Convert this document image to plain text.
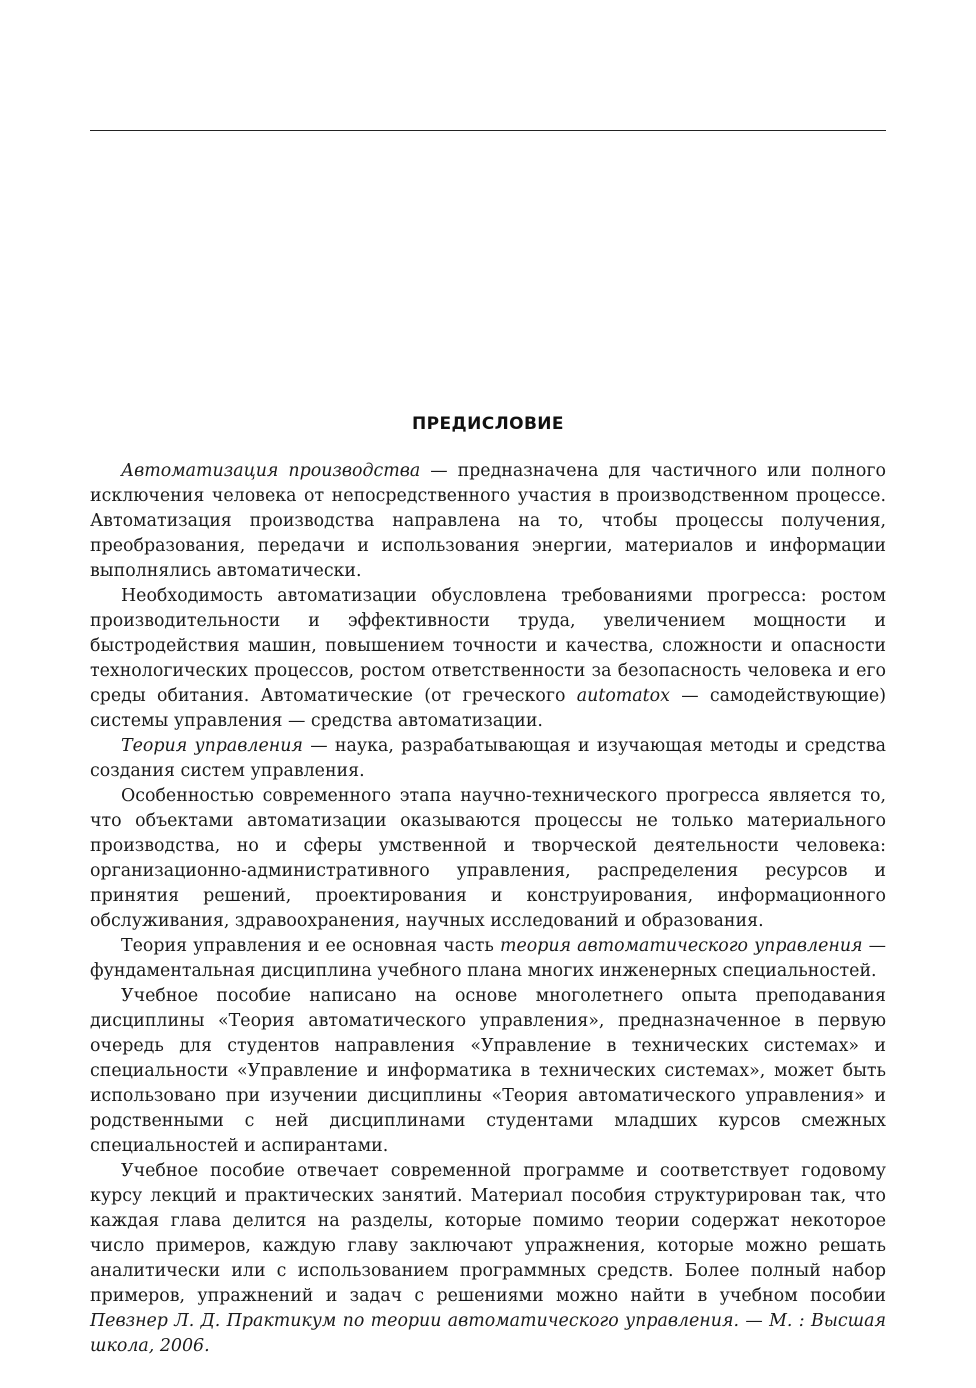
ПРЕДИСЛОВИЕ

Автоматизация производства — предназначена для частичного или полного исключения человека от непосредственного участия в производственном процессе. Автоматизация производства направлена на то, чтобы процессы получения, преобразования, передачи и использования энергии, материалов и информации выполнялись автоматически.

Необходимость автоматизации обусловлена требованиями прогресса: ростом производительности и эффективности труда, увеличением мощности и быстродействия машин, повышением точности и качества, сложности и опасности технологических процессов, ростом ответственности за безопасность человека и его среды обитания. Автоматические (от греческого automatox — самодействующие) системы управления — средства автоматизации.

Теория управления — наука, разрабатывающая и изучающая методы и средства создания систем управления.

Особенностью современного этапа научно-технического прогресса является то, что объектами автоматизации оказываются процессы не только материального производства, но и сферы умственной и творческой деятельности человека: организационно-административного управления, распределения ресурсов и принятия решений, проектирования и конструирования, информационного обслуживания, здравоохранения, научных исследований и образования.

Теория управления и ее основная часть теория автоматического управления — фундаментальная дисциплина учебного плана многих инженерных специальностей.

Учебное пособие написано на основе многолетнего опыта преподавания дисциплины «Теория автоматического управления», предназначенное в первую очередь для студентов направления «Управление в технических системах» и специальности «Управление и информатика в технических системах», может быть использовано при изучении дисциплины «Теория автоматического управления» и родственными с ней дисциплинами студентами младших курсов смежных специальностей и аспирантами.

Учебное пособие отвечает современной программе и соответствует годовому курсу лекций и практических занятий. Материал пособия структурирован так, что каждая глава делится на разделы, которые помимо теории содержат некоторое число примеров, каждую главу заключают упражнения, которые можно решать аналитически или с использованием программных средств. Более полный набор примеров, упражнений и задач с решениями можно найти в учебном пособии Певзнер Л. Д. Практикум по теории автоматического управления. — М. : Высшая школа, 2006.
